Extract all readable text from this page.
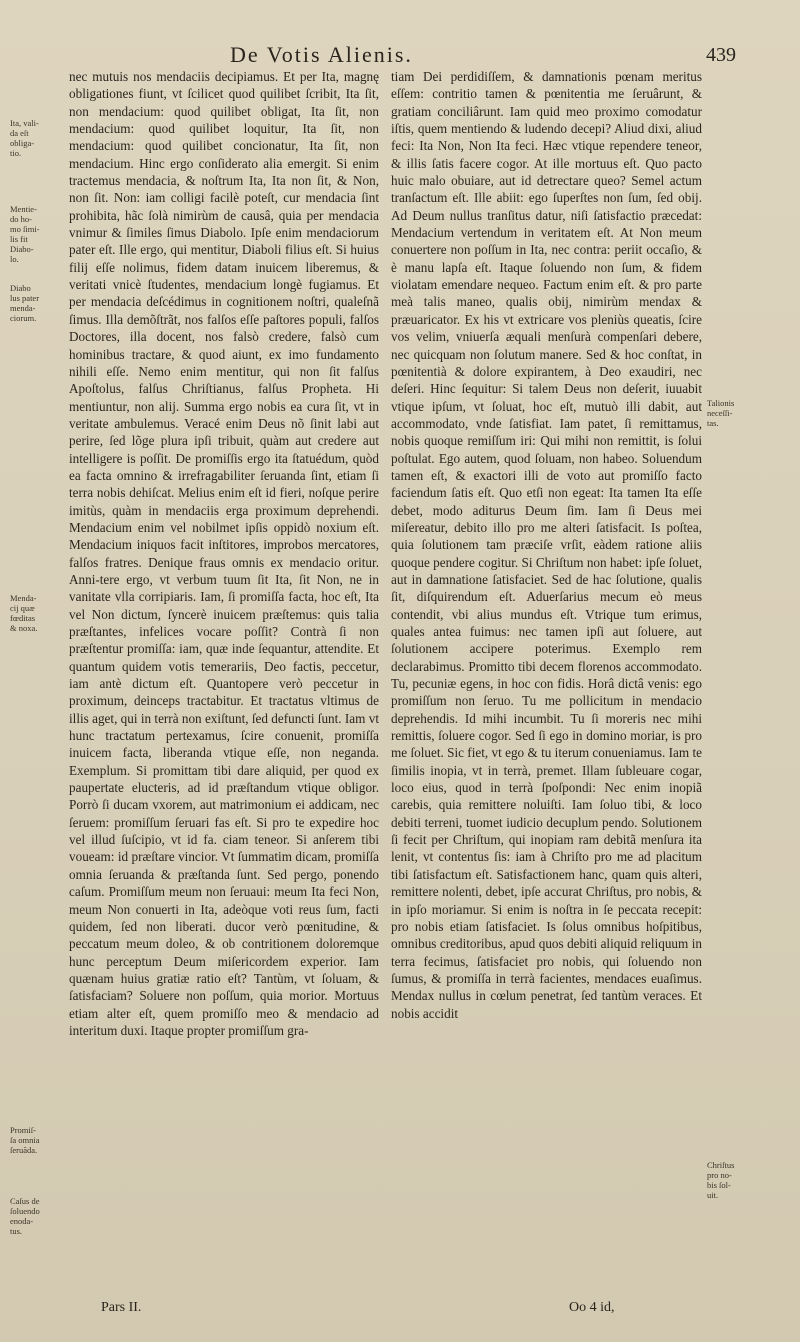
De Votis Alienis.	439
Ita, vali-
da eſt
obliga-
tio.
Mentie-
do ho-
mo ſimi-
lis fit
Diabo-
lo.
Diabo
lus pater
menda-
ciorum.
Menda-
cij quæ
fœditas
& noxa.
Promiſ-
ſa omnia
ſeruãda.
Caſus de
ſoluendo
enoda-
tus.
Talionis
neceſſi-
tas.
Chriſtus
pro no-
bis ſol-
uit.

nec mutuis nos mendaciis decipiamus. Et per Ita, magnę obligationes fiunt, vt ſcilicet quod quilibet ſcribit, Ita ſit, non mendacium: quod quilibet obligat, Ita ſit, non mendacium: quod quilibet loquitur, Ita ſit, non mendacium: quod quilibet concionatur, Ita ſit, non mendacium. Hinc ergo conſiderato alia emergit. Si enim tractemus mendacia, & noſtrum Ita, Ita non ſit, & Non, non ſit. Non: iam colligi facilè poteſt, cur mendacia ſint prohibita, hãc ſolà nimirùm de causâ, quia per mendacia vnimur & ſimiles ſimus Diabolo. Ipſe enim mendaciorum pater eſt. Ille ergo, qui mentitur, Diaboli filius eſt. Si huius filij eſſe nolimus, fidem datam inuicem liberemus, & veritati vnicè ſtudentes, mendacium longè fugiamus. Et per mendacia deſcédimus in cognitionem noſtri, qualeſnã ſimus. Illa demõſtrãt, nos falſos eſſe paſtores populi, falſos Doctores, illa docent, nos falsò credere, falsò cum hominibus tractare, & quod aiunt, ex imo fundamento nihili eſſe. Nemo enim mentitur, qui non ſit falſus Apoſtolus, falſus Chriſtianus, falſus Propheta. Hi mentiuntur, non alij. Summa ergo nobis ea cura ſit, vt in veritate ambulemus. Veracé enim Deus nõ ſinit labi aut perire, ſed lõge plura ipſi tribuit, quàm aut credere aut intelligere is poſſit. De promiſſis ergo ita ſtatuédum, quòd ea facta omnino & irrefragabiliter ſeruanda ſint, etiam ſi terra nobis dehiſcat. Melius enim eſt id fieri, noſque perire imitùs, quàm in mendaciis erga proximum deprehendi. Mendacium enim vel nobilmet ipſis oppidò noxium eſt. Mendacium iniquos facit inſtitores, improbos mercatores, falſos fratres. Denique fraus omnis ex mendacio oritur. Anni-tere ergo, vt verbum tuum ſit Ita, ſit Non, ne in vanitate vlla corripiaris. Iam, ſi promiſſa facta, hoc eſt, Ita vel Non dictum, ſyncerè inuicem præſtemus: quis talia præſtantes, infelices vocare poſſit? Contrà ſi non præſtentur promiſſa: iam, quæ inde ſequantur, attendite. Et quantum quidem votis temerariis, Deo factis, peccetur, iam antè dictum eſt. Quantopere verò peccetur in proximum, deinceps tractabitur. Et tractatus vltimus de illis aget, qui in terrà non exiſtunt, ſed defuncti ſunt. Iam vt hunc tractatum pertexamus, ſcire conuenit, promiſſa inuicem facta, liberanda vtique eſſe, non neganda. Exemplum. Si promittam tibi dare aliquid, per quod ex paupertate elucteris, ad id præſtandum vtique obligor. Porrò ſi ducam vxorem, aut matrimonium ei addicam, nec ſeruem: promiſſum ſeruari fas eſt. Si pro te expedire hoc vel illud ſuſcipio, vt id fa. ciam teneor. Si anſerem tibi voueam: id præſtare vincior. Vt ſummatim dicam, promiſſa omnia ſeruanda & præſtanda ſunt. Sed pergo, ponendo caſum. Promiſſum meum non ſeruaui: meum Ita feci Non, meum Non conuerti in Ita, adeòque voti reus ſum, facti quidem, ſed non liberati. ducor verò pœnitudine, & peccatum meum doleo, & ob contritionem doloremque hunc perceptum Deum miſericordem experior. Iam quænam huius gratiæ ratio eſt? Tantùm, vt ſoluam, & ſatisfaciam? Soluere non poſſum, quia morior. Mortuus etiam alter eſt, quem promiſſo meo & mendacio ad interitum duxi. Itaque propter promiſſum gra-

tiam Dei perdidiſſem, & damnationis pœnam meritus eſſem: contritio tamen & pœnitentia me ſeruârunt, & gratiam conciliârunt. Iam quid meo proximo comodatur iſtis, quem mentiendo & ludendo decepi? Aliud dixi, aliud feci: Ita Non, Non Ita feci. Hæc vtique rependere teneor, & illis ſatis facere cogor. At ille mortuus eſt. Quo pacto huic malo obuiare, aut id detrectare queo? Semel actum tranſactum eſt. Ille abiit: ego ſuperſtes non ſum, ſed obij. Ad Deum nullus tranſitus datur, niſi ſatisfactio præcedat: Mendacium vertendum in veritatem eſt. At Non meum conuertere non poſſum in Ita, nec contra: periit occaſio, & è manu lapſa eſt. Itaque ſoluendo non ſum, & fidem violatam emendare nequeo. Factum enim eſt. & pro parte meà talis maneo, qualis obij, nimirùm mendax & præuaricator. Ex his vt extricare vos pleniùs queatis, ſcire vos velim, vniuerſa æquali menſurà compenſari debere, nec quicquam non ſolutum manere. Sed & hoc conſtat, in pœnitentià & dolore expirantem, à Deo exaudiri, nec deſeri. Hinc ſequitur: Si talem Deus non deſerit, iuuabit vtique ipſum, vt ſoluat, hoc eſt, mutuò illi dabit, aut accommodato, vnde ſatisfiat. Iam patet, ſi remittamus, nobis quoque remiſſum iri: Qui mihi non remittit, is ſolui poſtulat. Ego autem, quod ſoluam, non habeo. Soluendum tamen eſt, & exactori illi de voto aut promiſſo facto faciendum ſatis eſt. Quo etſi non egeat: Ita tamen Ita eſſe debet, modo aditurus Deum ſim. Iam ſi Deus mei miſereatur, debito illo pro me alteri ſatisfacit. Is poſtea, quia ſolutionem tam præciſe vrſit, eàdem ratione aliis quoque pendere cogitur. Si Chriſtum non habet: ipſe ſoluet, aut in damnatione ſatisfaciet. Sed de hac ſolutione, qualis ſit, diſquirendum eſt. Aduerſarius mecum eò meus contendit, vbi alius mundus eſt. Vtrique tum erimus, quales antea fuimus: nec tamen ipſi aut ſoluere, aut ſolutionem accipere poterimus. Exemplo rem declarabimus. Promitto tibi decem florenos accommodato. Tu, pecuniæ egens, in hoc con fidis. Horâ dictâ venis: ego promiſſum non ſeruo. Tu me pollicitum in mendacio deprehendis. Id mihi incumbit. Tu ſi moreris nec mihi remittis, ſoluere cogor. Sed ſi ego in domino moriar, is pro me ſoluet. Sic fiet, vt ego & tu iterum conueniamus. Iam te ſimilis inopia, vt in terrà, premet. Illam ſubleuare cogar, loco eius, quod in terrà ſpoſpondi: Nec enim inopiã carebis, quia remittere noluiſti. Iam ſoluo tibi, & loco debiti terreni, tuomet iudicio decuplum pendo. Solutionem ſi fecit per Chriſtum, qui inopiam ram debitã menſura ita lenit, vt contentus ſis: iam à Chriſto pro me ad placitum tibi ſatisfactum eſt. Satisfactionem hanc, quam quis alteri, remittere nolenti, debet, ipſe accurat Chriſtus, pro nobis, & in ipſo moriamur. Si enim is noſtra in ſe peccata recepit: pro nobis etiam ſatisfaciet. Is ſolus omnibus hoſpitibus, omnibus creditoribus, apud quos debiti aliquid reliquum in terra fecimus, ſatisfaciet pro nobis, qui ſoluendo non ſumus, & promiſſa in terrà facientes, mendaces euaſimus. Mendax nullus in cœlum penetrat, ſed tantùm veraces. Et nobis accidit

Pars II.	Oo 4 id,
